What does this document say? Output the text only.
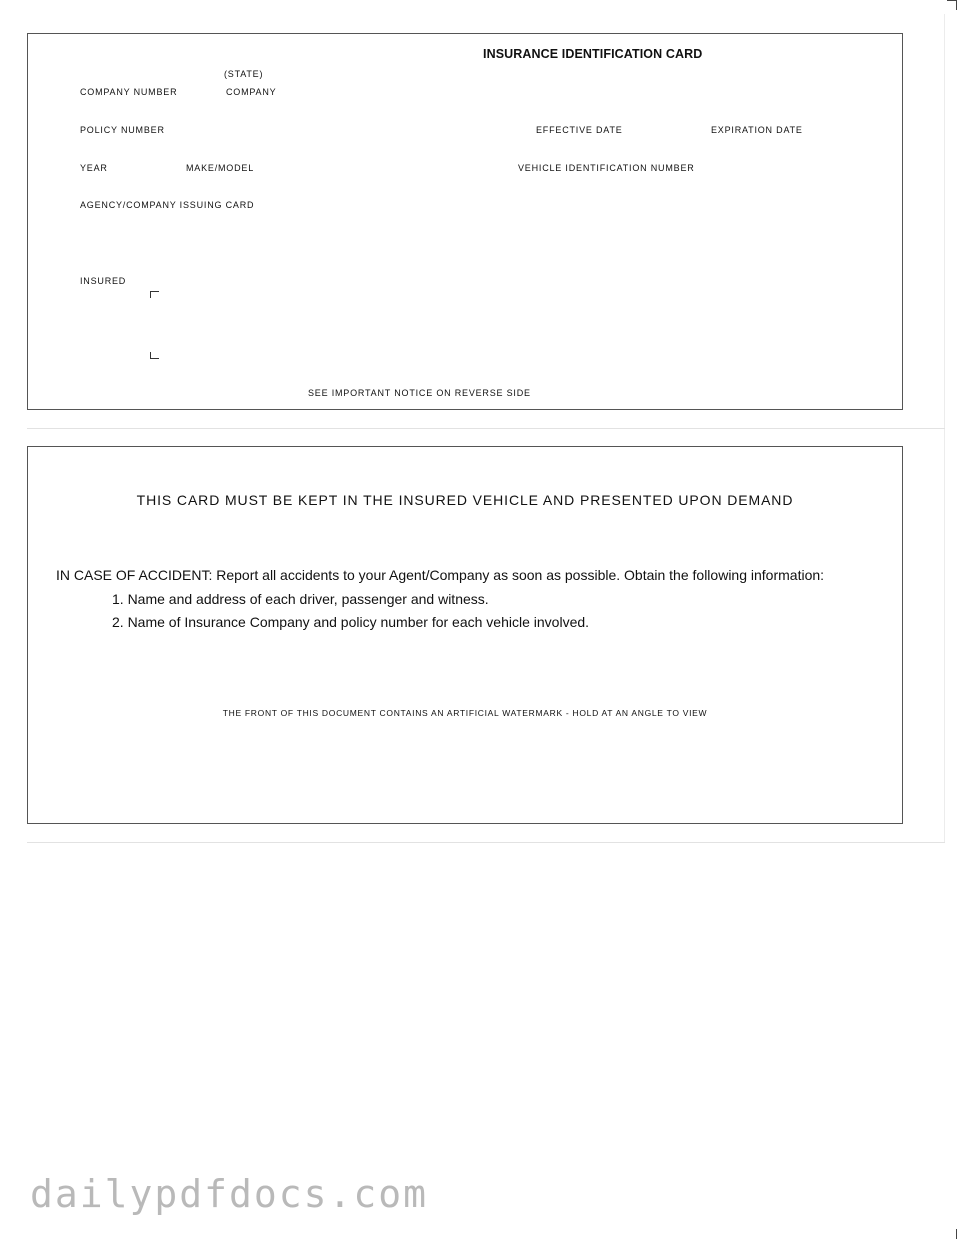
INSURANCE IDENTIFICATION CARD
(STATE)
COMPANY NUMBER	COMPANY
POLICY NUMBER	EFFECTIVE DATE	EXPIRATION DATE
YEAR	MAKE/MODEL	VEHICLE IDENTIFICATION NUMBER
AGENCY/COMPANY ISSUING CARD
INSURED
SEE IMPORTANT NOTICE ON REVERSE SIDE
THIS CARD MUST BE KEPT IN THE INSURED VEHICLE AND PRESENTED UPON DEMAND
IN CASE OF ACCIDENT: Report all accidents to your Agent/Company as soon as possible. Obtain the following information:
1. Name and address of each driver, passenger and witness.
2. Name of Insurance Company and policy number for each vehicle involved.
THE FRONT OF THIS DOCUMENT CONTAINS AN ARTIFICIAL WATERMARK - HOLD AT AN ANGLE TO VIEW
dailypdfdocs.com
